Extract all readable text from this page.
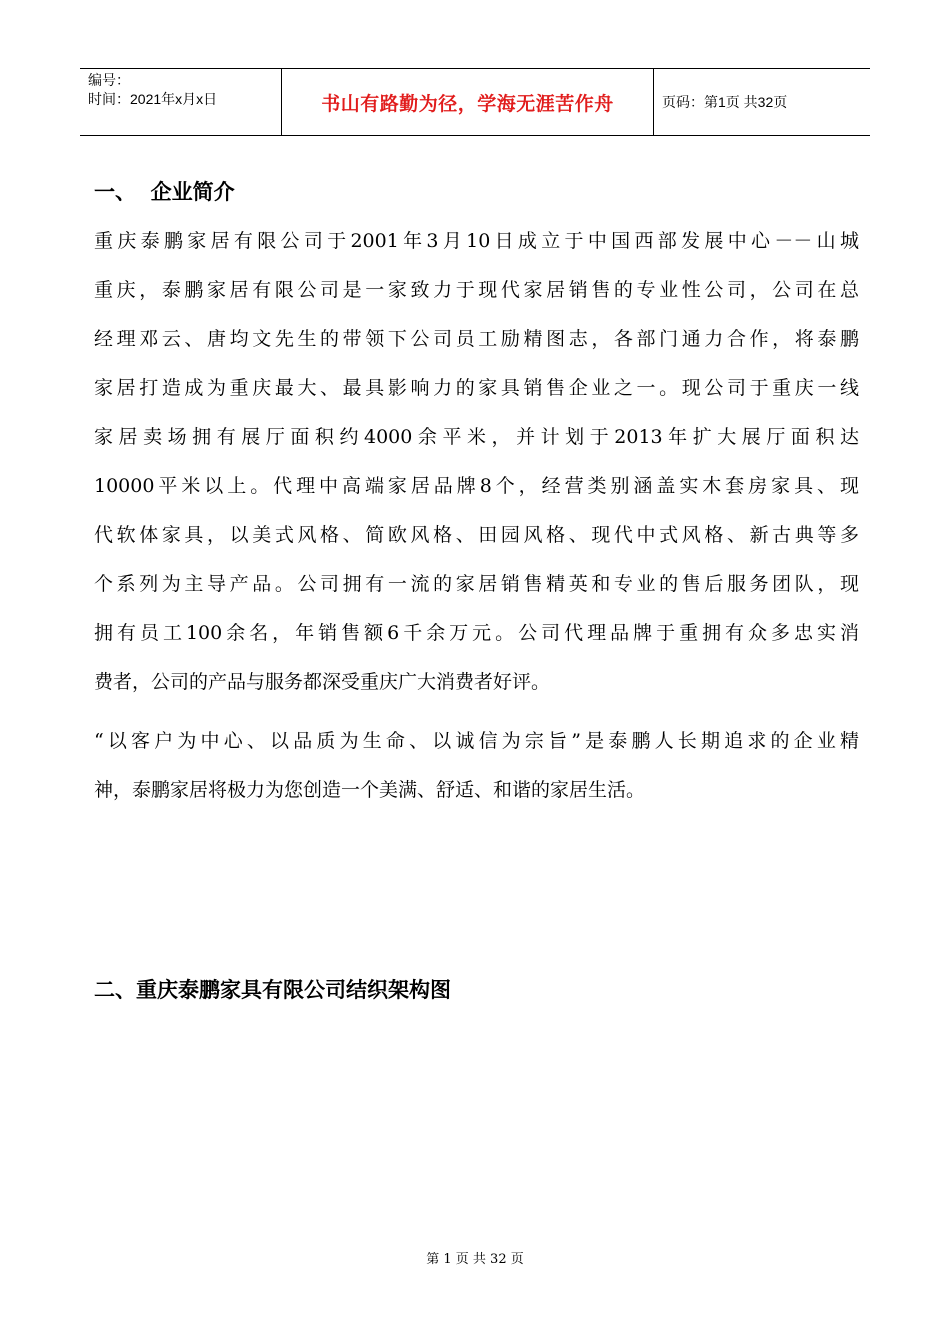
编号：
时间：2021年x月x日	书山有路勤为径，学海无涯苦作舟	页码：第1页 共32页
一、  企业简介
重庆泰鹏家居有限公司于2001年3月10日成立于中国西部发展中心－－山城
重庆，泰鹏家居有限公司是一家致力于现代家居销售的专业性公司，公司在总
经理邓云、唐均文先生的带领下公司员工励精图志，各部门通力合作，将泰鹏
家居打造成为重庆最大、最具影响力的家具销售企业之一。现公司于重庆一线
家居卖场拥有展厅面积约4000余平米，并计划于2013年扩大展厅面积达
10000平米以上。代理中高端家居品牌8个，经营类别涵盖实木套房家具、现
代软体家具，以美式风格、简欧风格、田园风格、现代中式风格、新古典等多
个系列为主导产品。公司拥有一流的家居销售精英和专业的售后服务团队，现
拥有员工100余名，年销售额6千余万元。公司代理品牌于重拥有众多忠实消
费者，公司的产品与服务都深受重庆广大消费者好评。
“以客户为中心、以品质为生命、以诚信为宗旨”是泰鹏人长期追求的企业精
神，泰鹏家居将极力为您创造一个美满、舒适、和谐的家居生活。
二、重庆泰鹏家具有限公司结织架构图
第 1 页 共 32 页
